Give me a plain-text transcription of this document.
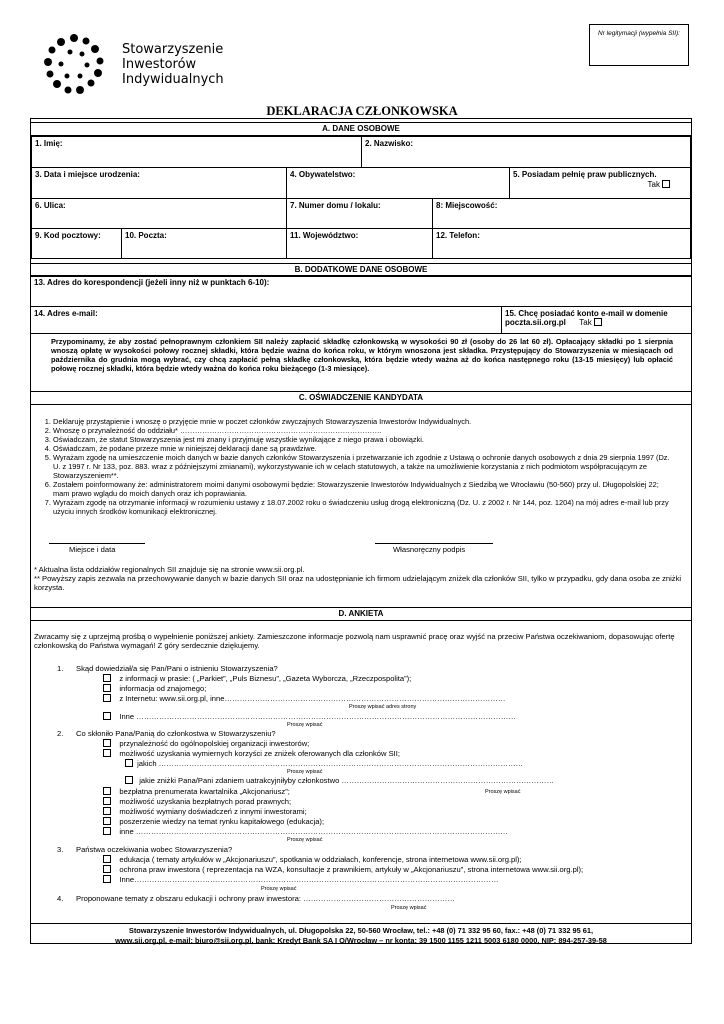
Stowarzyszenie
Inwestorów
Indywidualnych
Nr legitymacji (wypełnia SII):
DEKLARACJA CZŁONKOWSKA
A. DANE OSOBOWE
1. Imię:	2. Nazwisko:
3. Data i miejsce urodzenia:	4. Obywatelstwo:	5. Posiadam pełnię praw publicznych.
Tak
6. Ulica:	7. Numer domu / lokalu:	8: Miejscowość:
9. Kod pocztowy:	10. Poczta:	11. Województwo:	12. Telefon:
B. DODATKOWE DANE OSOBOWE
13. Adres do korespondencji (jeżeli inny niż w punktach 6-10):
14. Adres e-mail:	15. Chcę posiadać konto e-mail w domenie
poczta.sii.org.pl Tak
Przypominamy, że aby zostać pełnoprawnym członkiem SII należy zapłacić składkę członkowską w wysokości 90 zł (osoby do 26 lat 60 zł). Opłacający składki po 1 sierpnia wnoszą opłatę w wysokości połowy rocznej składki, która będzie ważna do końca roku, w którym wnoszona jest składka. Przystępujący do Stowarzyszenia w miesiącach od października do grudnia mogą wybrać, czy chcą zapłacić pełną składkę członkowską, która będzie wtedy ważna aż do końca następnego roku (13-15 miesięcy) lub opłacić połowę rocznej składki, która będzie wtedy ważna do końca roku bieżącego (1-3 miesiące).
C. OŚWIADCZENIE KANDYDATA
1. Deklaruję przystąpienie i wnoszę o przyjęcie mnie w poczet członków zwyczajnych Stowarzyszenia Inwestorów Indywidualnych.
2. Wnoszę o przynależność do oddziału* ……………………………………………………………………….
3. Oświadczam, że statut Stowarzyszenia jest mi znany i przyjmuję wszystkie wynikające z niego prawa i obowiązki.
4. Oświadczam, że podane przeze mnie w niniejszej deklaracji dane są prawdziwe.
5. Wyrażam zgodę na umieszczenie moich danych w bazie danych członków Stowarzyszenia i przetwarzanie ich zgodnie z Ustawą o ochronie danych osobowych z dnia 29 sierpnia 1997 (Dz. U. z 1997 r. Nr 133, poz. 883. wraz z późniejszymi zmianami), wykorzystywanie ich w celach statutowych, a także na umożliwienie korzystania z nich podmiotom współpracującym ze Stowarzyszeniem**.
6. Zostałem poinformowany że: administratorem moimi danymi osobowymi będzie: Stowarzyszenie Inwestorów Indywidualnych z Siedzibą we Wrocławiu (50-560) przy ul. Długopolskiej 22; mam prawo wglądu do moich danych oraz ich poprawiania.
7. Wyrażam zgodę na otrzymanie informacji w rozumieniu ustawy z 18.07.2002 roku o świadczeniu usług drogą elektroniczną (Dz. U. z 2002 r. Nr 144, poz. 1204) na mój adres e-mail lub przy użyciu innych środków komunikacji elektronicznej.
Miejsce i data	Własnoręczny podpis
* Aktualna lista oddziałów regionalnych SII znajduje się na stronie www.sii.org.pl.
** Powyższy zapis zezwala na przechowywanie danych w bazie danych SII oraz na udostępnianie ich firmom udzielającym zniżek dla członków SII, tylko w przypadku, gdy dana osoba ze zniżki korzysta.
D. ANKIETA
Zwracamy się z uprzejmą prośbą o wypełnienie poniższej ankiety. Zamieszczone informacje pozwolą nam usprawnić pracę oraz wyjść na przeciw Państwa oczekiwaniom, dopasowując ofertę członkowską do Państwa wymagań! Z góry serdecznie dziękujemy.
1.      Skąd dowiedział/a się Pan/Pani o istnieniu Stowarzyszenia?
z informacji w prasie: ( „Parkiet”, „Puls Biznesu”, „Gazeta Wyborcza, „Rzeczpospolita”);
informacja od znajomego;
z Internetu: www.sii.org.pl, inne…………………………………………………………………………………………………
Proszę wpisać adres strony
Inne ……………………………………………………………………………………………………………………………………
Proszę wpisać
2.      Co skłoniło Pana/Panią do członkostwa w Stowarzyszeniu?
przynależność do ogólnopolskiej organizacji inwestorów;
możliwość uzyskania wymiernych korzyści ze zniżek oferowanych dla członków SII;
jakich ………………………………………………………………………………………………………………………………
Proszę wpisać
jakie zniżki Pana/Pani zdaniem uatrakcyjniłyby członkostwo …………………………………………………………………………
bezpłatna prenumerata kwartalnika „Akcjonariusz”;	Proszę wpisać
możliwość uzyskania bezpłatnych porad prawnych;
możliwość wymiany doświadczeń z innymi inwestorami;
poszerzenie wiedzy na temat rynku kapitałowego (edukacja);
inne …………………………………………………………………………………………………………………………………
Proszę wpisać
3.      Państwa oczekiwania wobec Stowarzyszenia?
edukacja ( tematy artykułów w „Akcjonariuszu”, spotkania w oddziałach, konferencje, strona internetowa www.sii.org.pl);
ochrona praw inwestora ( reprezentacja na WZA, konsultacje z prawnikiem, artykuły w „Akcjonariuszu”, strona internetowa www.sii.org.pl);
Inne………………………………………………………………………………………………………………………………
Proszę wpisać
4.      Proponowane tematy z obszaru edukacji i ochrony praw inwestora: ……………………………………………………
Proszę wpisać
Stowarzyszenie Inwestorów Indywidualnych, ul. Długopolska 22, 50-560 Wrocław, tel.: +48 (0) 71 332 95 60, fax.: +48 (0) 71 332 95 61,
www.sii.org.pl, e-mail: biuro@sii.org.pl, bank: Kredyt Bank SA I O/Wrocław – nr konta: 39 1500 1155 1211 5003 6180 0000, NIP: 894-257-39-58
